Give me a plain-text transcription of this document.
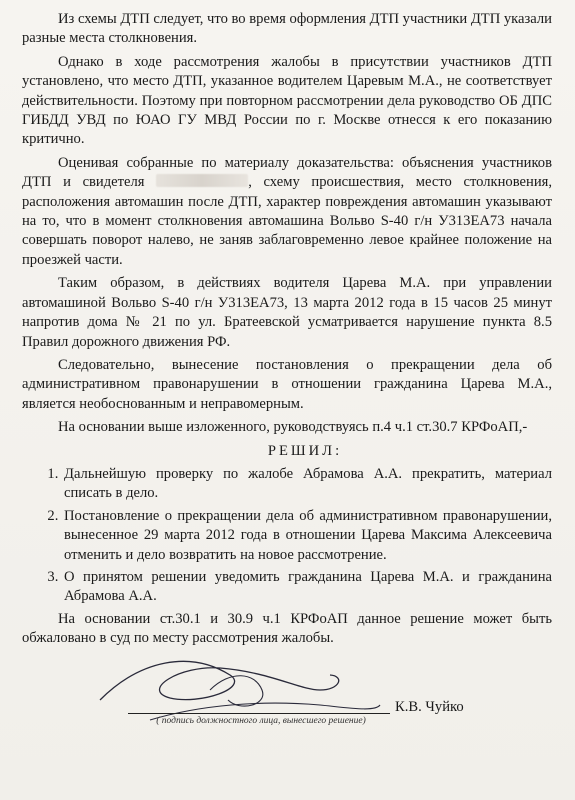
Из схемы ДТП следует, что во время оформления ДТП участники ДТП указали разные места столкновения.

Однако в ходе рассмотрения жалобы в присутствии участников ДТП установлено, что место ДТП, указанное водителем Царевым М.А., не соответствует действительности. Поэтому при повторном рассмотрении дела руководство ОБ ДПС ГИБДД УВД по ЮАО ГУ МВД России по г. Москве отнесся к его показанию критично.

Оценивая собранные по материалу доказательства: объяснения участников ДТП и свидетеля	, схему происшествия, место столкновения, расположения автомашин после ДТП, характер повреждения автомашин указывают на то, что в момент столкновения автомашина Вольво S-40 г/н У313ЕА73 начала совершать поворот налево, не заняв заблаговременно левое крайнее положение на проезжей части.

Таким образом, в действиях водителя Царева М.А. при управлении автомашиной Вольво S-40 г/н У313ЕА73, 13 марта 2012 года в 15 часов 25 минут напротив дома № 21 по ул. Братеевской усматривается нарушение пункта 8.5 Правил дорожного движения РФ.

Следовательно, вынесение постановления о прекращении дела об административном правонарушении в отношении гражданина Царева М.А., является необоснованным и неправомерным.

На основании выше изложенного, руководствуясь п.4 ч.1 ст.30.7 КРФоАП,-

РЕШИЛ:

1. Дальнейшую проверку по жалобе Абрамова А.А. прекратить, материал списать в дело.
2. Постановление о прекращении дела об административном правонарушении, вынесенное 29 марта 2012 года в отношении Царева Максима Алексеевича отменить и дело возвратить на новое рассмотрение.
3. О принятом решении уведомить гражданина Царева М.А. и гражданина Абрамова А.А.

На основании ст.30.1 и 30.9 ч.1 КРФоАП данное решение может быть обжаловано в суд по месту рассмотрения жалобы.

К.В. Чуйко
( подпись должностного лица, вынесшего решение)
